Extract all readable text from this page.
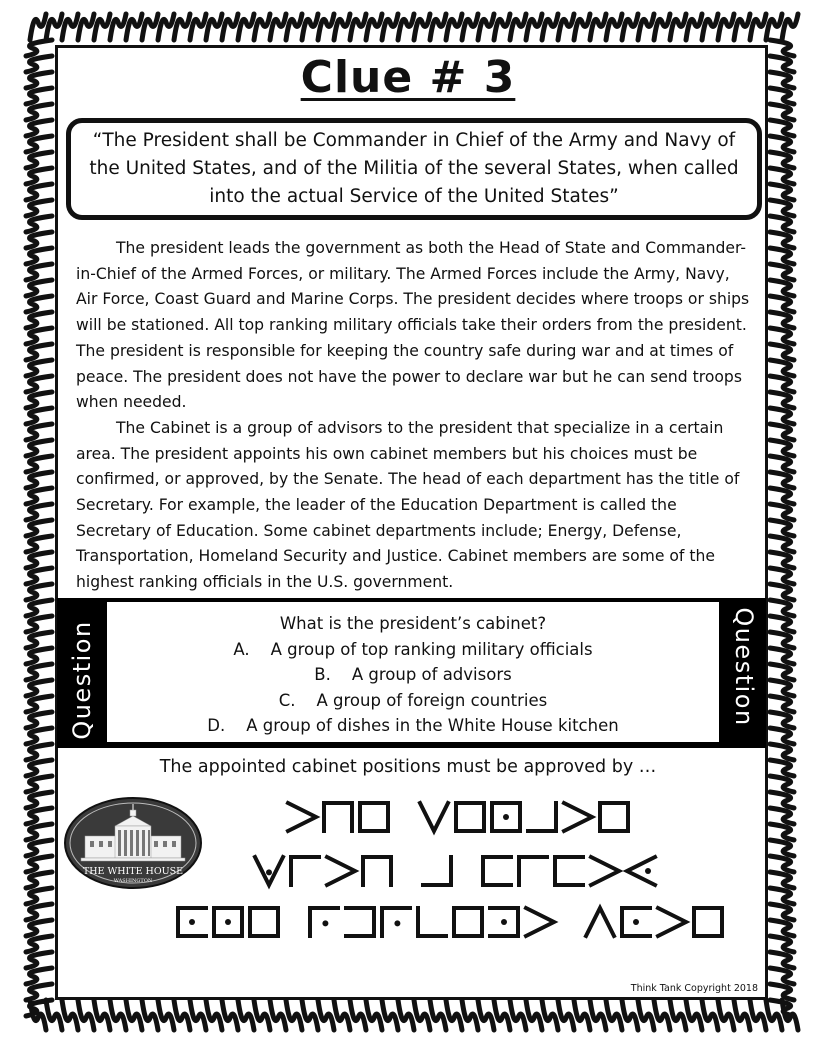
Clue # 3
“The President shall be Commander in Chief of the Army and Navy of the United States, and of the Militia of the several States, when called into the actual Service of the United States”

The president leads the government as both the Head of State and Commander-in-Chief of the Armed Forces, or military. The Armed Forces include the Army, Navy, Air Force, Coast Guard and Marine Corps. The president decides where troops or ships will be stationed. All top ranking military officials take their orders from the president. The president is responsible for keeping the country safe during war and at times of peace. The president does not have the power to declare war but he can send troops when needed.

The Cabinet is a group of advisors to the president that specialize in a certain area. The president appoints his own cabinet members but his choices must be confirmed, or approved, by the Senate. The head of each department has the title of Secretary. For example, the leader of the Education Department is called the Secretary of Education. Some cabinet departments include; Energy, Defense, Transportation, Homeland Security and Justice. Cabinet members are some of the highest ranking officials in the U.S. government.

Question	Question
What is the president’s cabinet?
A.    A group of top ranking military officials
B.    A group of advisors
C.    A group of foreign countries
D.    A group of dishes in the White House kitchen
The appointed cabinet positions must be approved by …
THE WHITE HOUSE
WASHINGTON
Think Tank Copyright 2018
